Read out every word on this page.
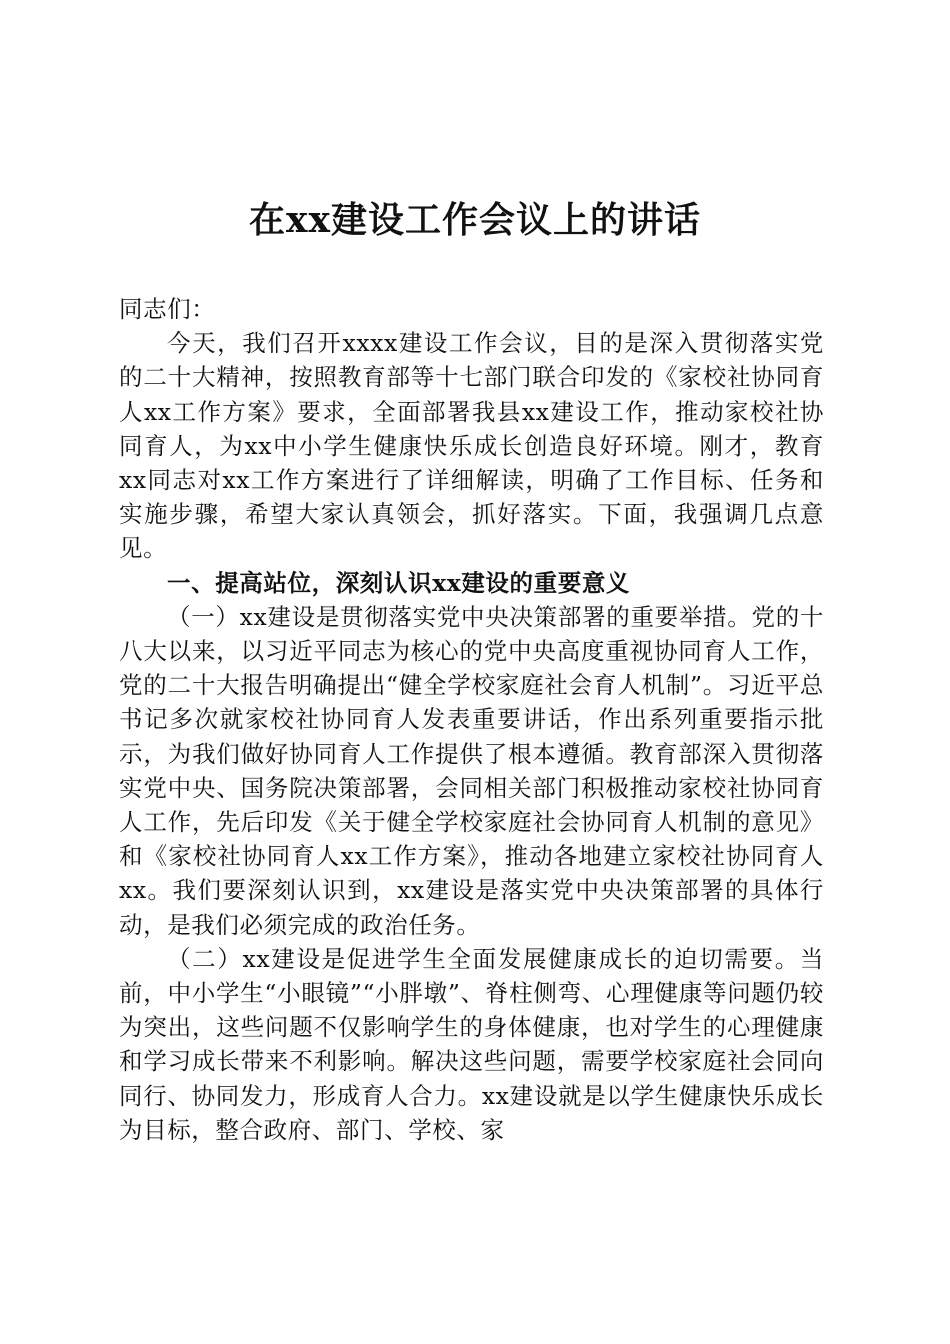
在xx建设工作会议上的讲话

同志们：

今天，我们召开xxxx建设工作会议，目的是深入贯彻落实党的二十大精神，按照教育部等十七部门联合印发的《家校社协同育人xx工作方案》要求，全面部署我县xx建设工作，推动家校社协同育人，为xx中小学生健康快乐成长创造良好环境。刚才，教育xx同志对xx工作方案进行了详细解读，明确了工作目标、任务和实施步骤，希望大家认真领会，抓好落实。下面，我强调几点意见。

一、提高站位，深刻认识xx建设的重要意义

（一）xx建设是贯彻落实党中央决策部署的重要举措。党的十八大以来，以习近平同志为核心的党中央高度重视协同育人工作，党的二十大报告明确提出“健全学校家庭社会育人机制”。习近平总书记多次就家校社协同育人发表重要讲话，作出系列重要指示批示，为我们做好协同育人工作提供了根本遵循。教育部深入贯彻落实党中央、国务院决策部署，会同相关部门积极推动家校社协同育人工作，先后印发《关于健全学校家庭社会协同育人机制的意见》和《家校社协同育人xx工作方案》，推动各地建立家校社协同育人xx。我们要深刻认识到，xx建设是落实党中央决策部署的具体行动，是我们必须完成的政治任务。

（二）xx建设是促进学生全面发展健康成长的迫切需要。当前，中小学生“小眼镜”“小胖墩”、脊柱侧弯、心理健康等问题仍较为突出，这些问题不仅影响学生的身体健康，也对学生的心理健康和学习成长带来不利影响。解决这些问题，需要学校家庭社会同向同行、协同发力，形成育人合力。xx建设就是以学生健康快乐成长为目标，整合政府、部门、学校、家
